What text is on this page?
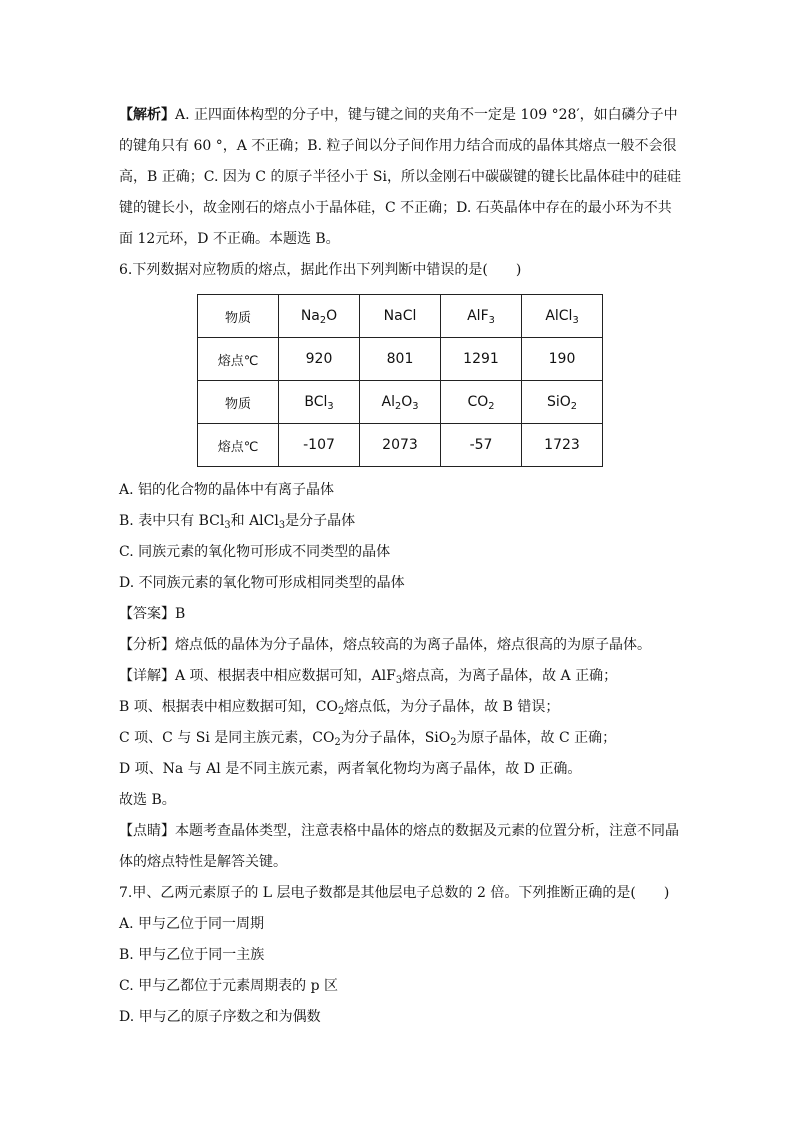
【解析】A. 正四面体构型的分子中，键与键之间的夹角不一定是 109 °28′，如白磷分子中
的键角只有 60 °，A 不正确；B. 粒子间以分子间作用力结合而成的晶体其熔点一般不会很
高，B 正确；C. 因为 C 的原子半径小于 Si，所以金刚石中碳碳键的键长比晶体硅中的硅硅
键的键长小，故金刚石的熔点小于晶体硅，C 不正确；D. 石英晶体中存在的最小环为不共
面 12元环，D 不正确。本题选 B。
6.下列数据对应物质的熔点，据此作出下列判断中错误的是(　　)
物质	$Na_2O$	NaCl	AlF$_3$	AlCl$_3$
熔点℃	920	801	1291	190
物质	BCl$_3$	$Al_2O_3$	$CO_2$	SiO$_2$
熔点℃	-107	2073	-57	1723
A. 铝的化合物的晶体中有离子晶体
B. 表中只有 BCl$_3$和 AlCl$_3$是分子晶体
C. 同族元素的氧化物可形成不同类型的晶体
D. 不同族元素的氧化物可形成相同类型的晶体
【答案】B
【分析】熔点低的晶体为分子晶体，熔点较高的为离子晶体，熔点很高的为原子晶体。
【详解】A 项、根据表中相应数据可知，AlF$_3$熔点高，为离子晶体，故 A 正确；
B 项、根据表中相应数据可知，$CO_2$熔点低，为分子晶体，故 B 错误；
C 项、C 与 Si 是同主族元素，$CO_2$为分子晶体，SiO$_2$为原子晶体，故 C 正确；
D 项、Na 与 Al 是不同主族元素，两者氧化物均为离子晶体，故 D 正确。
故选 B。
【点睛】本题考查晶体类型，注意表格中晶体的熔点的数据及元素的位置分析，注意不同晶
体的熔点特性是解答关键。
7.甲、乙两元素原子的 L 层电子数都是其他层电子总数的 2 倍。下列推断正确的是(　　)
A. 甲与乙位于同一周期
B. 甲与乙位于同一主族
C. 甲与乙都位于元素周期表的 p 区
D. 甲与乙的原子序数之和为偶数
